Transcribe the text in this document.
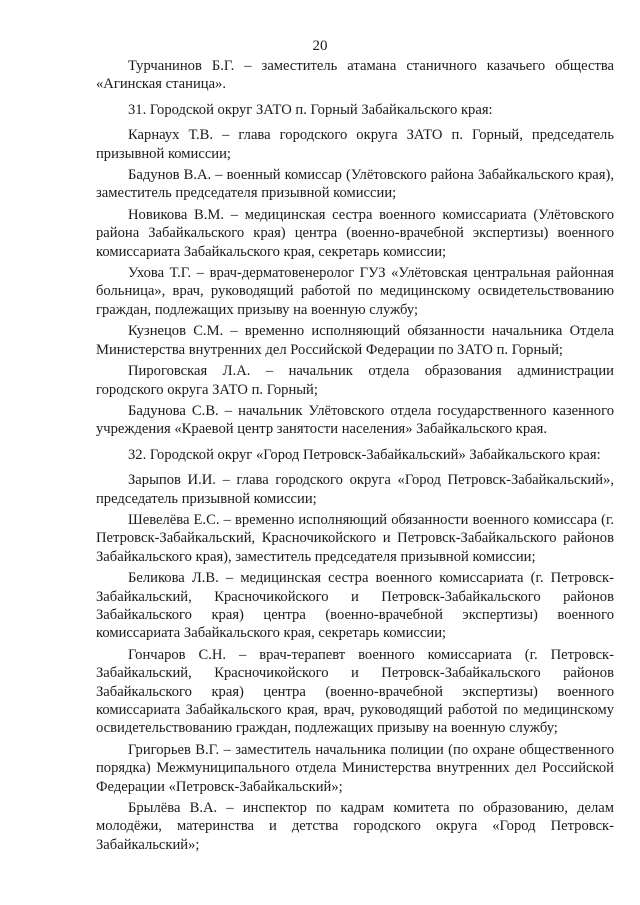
20

Турчанинов Б.Г. – заместитель атамана станичного казачьего общества «Агинская станица».

31. Городской округ ЗАТО п. Горный Забайкальского края:

Карнаух Т.В. – глава городского округа ЗАТО п. Горный, председатель призывной комиссии;

Бадунов В.А. – военный комиссар (Улётовского района Забайкальского края), заместитель председателя призывной комиссии;

Новикова В.М. – медицинская сестра военного комиссариата (Улётовского района Забайкальского края) центра (военно-врачебной экспертизы) военного комиссариата Забайкальского края, секретарь комиссии;

Ухова Т.Г. – врач-дерматовенеролог ГУЗ «Улётовская центральная районная больница», врач, руководящий работой по медицинскому освидетельствованию граждан, подлежащих призыву на военную службу;

Кузнецов С.М. – временно исполняющий обязанности начальника Отдела Министерства внутренних дел Российской Федерации по ЗАТО п. Горный;

Пироговская Л.А. – начальник отдела образования администрации городского округа ЗАТО п. Горный;

Бадунова С.В. – начальник Улётовского отдела государственного казенного учреждения «Краевой центр занятости населения» Забайкальского края.

32. Городской округ «Город Петровск-Забайкальский» Забайкальского края:

Зарыпов И.И. – глава городского округа «Город Петровск-Забайкальский», председатель призывной комиссии;

Шевелёва Е.С. – временно исполняющий обязанности военного комиссара (г. Петровск-Забайкальский, Красночикойского и Петровск-Забайкальского районов Забайкальского края), заместитель председателя призывной комиссии;

Беликова Л.В. – медицинская сестра военного комиссариата (г. Петровск-Забайкальский, Красночикойского и Петровск-Забайкальского районов Забайкальского края) центра (военно-врачебной экспертизы) военного комиссариата Забайкальского края, секретарь комиссии;

Гончаров С.Н. – врач-терапевт военного комиссариата (г. Петровск-Забайкальский, Красночикойского и Петровск-Забайкальского районов Забайкальского края) центра (военно-врачебной экспертизы) военного комиссариата Забайкальского края, врач, руководящий работой по медицинскому освидетельствованию граждан, подлежащих призыву на военную службу;

Григорьев В.Г. – заместитель начальника полиции (по охране общественного порядка) Межмуниципального отдела Министерства внутренних дел Российской Федерации «Петровск-Забайкальский»;

Брылёва В.А. – инспектор по кадрам комитета по образованию, делам молодёжи, материнства и детства городского округа «Город Петровск-Забайкальский»;
